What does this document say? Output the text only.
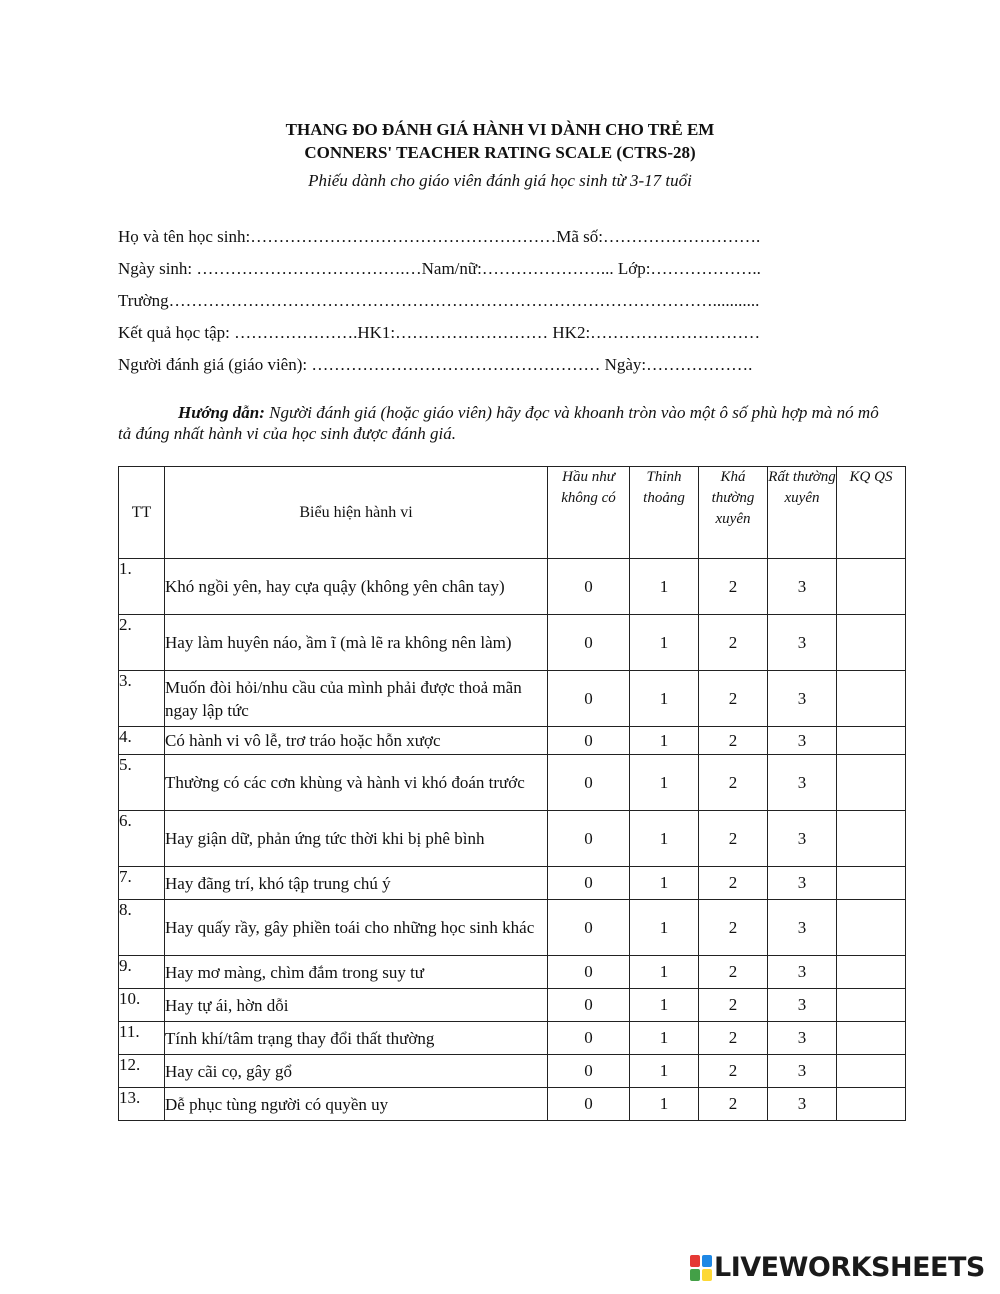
THANG ĐO ĐÁNH GIÁ HÀNH VI DÀNH CHO TRẺ EM
CONNERS' TEACHER RATING SCALE (CTRS-28)
Phiếu dành cho giáo viên đánh giá học sinh từ 3-17 tuổi
Họ và tên học sinh:………………………………………………Mã số:……………………….
Ngày sinh: ……………………………….…Nam/nữ:…………………... Lớp:………………..
Trường……………………………………………………………………………………...........
Kết quả học tập: ………………….HK1:……………………… HK2:…………………………
Người đánh giá (giáo viên): …………………………………………… Ngày:……………….
Hướng dẫn: Người đánh giá (hoặc giáo viên) hãy đọc và khoanh tròn vào một ô số phù hợp mà nó mô tả đúng nhất hành vi của học sinh được đánh giá.
TT	Biểu hiện hành vi	Hầu như không có	Thỉnh thoảng	Khá thường xuyên	Rất thường xuyên	KQ QS
1.	Khó ngồi yên, hay cựa quậy (không yên chân tay)	0	1	2	3	
2.	Hay làm huyên náo, ầm ĩ (mà lẽ ra không nên làm)	0	1	2	3	
3.	Muốn đòi hỏi/nhu cầu của mình phải được thoả mãn ngay lập tức	0	1	2	3	
4.	Có hành vi vô lễ, trơ tráo hoặc hỗn xược	0	1	2	3	
5.	Thường có các cơn khùng và hành vi khó đoán trước	0	1	2	3	
6.	Hay giận dữ, phản ứng tức thời khi bị phê bình	0	1	2	3	
7.	Hay đãng trí, khó tập trung chú ý	0	1	2	3	
8.	Hay quấy rầy, gây phiền toái cho những học sinh khác	0	1	2	3	
9.	Hay mơ màng, chìm đắm trong suy tư	0	1	2	3	
10.	Hay tự ái, hờn dỗi	0	1	2	3	
11.	Tính khí/tâm trạng thay đổi thất thường	0	1	2	3	
12.	Hay cãi cọ, gây gổ	0	1	2	3	
13.	Dễ phục tùng người có quyền uy	0	1	2	3	
LIVEWORKSHEETS
